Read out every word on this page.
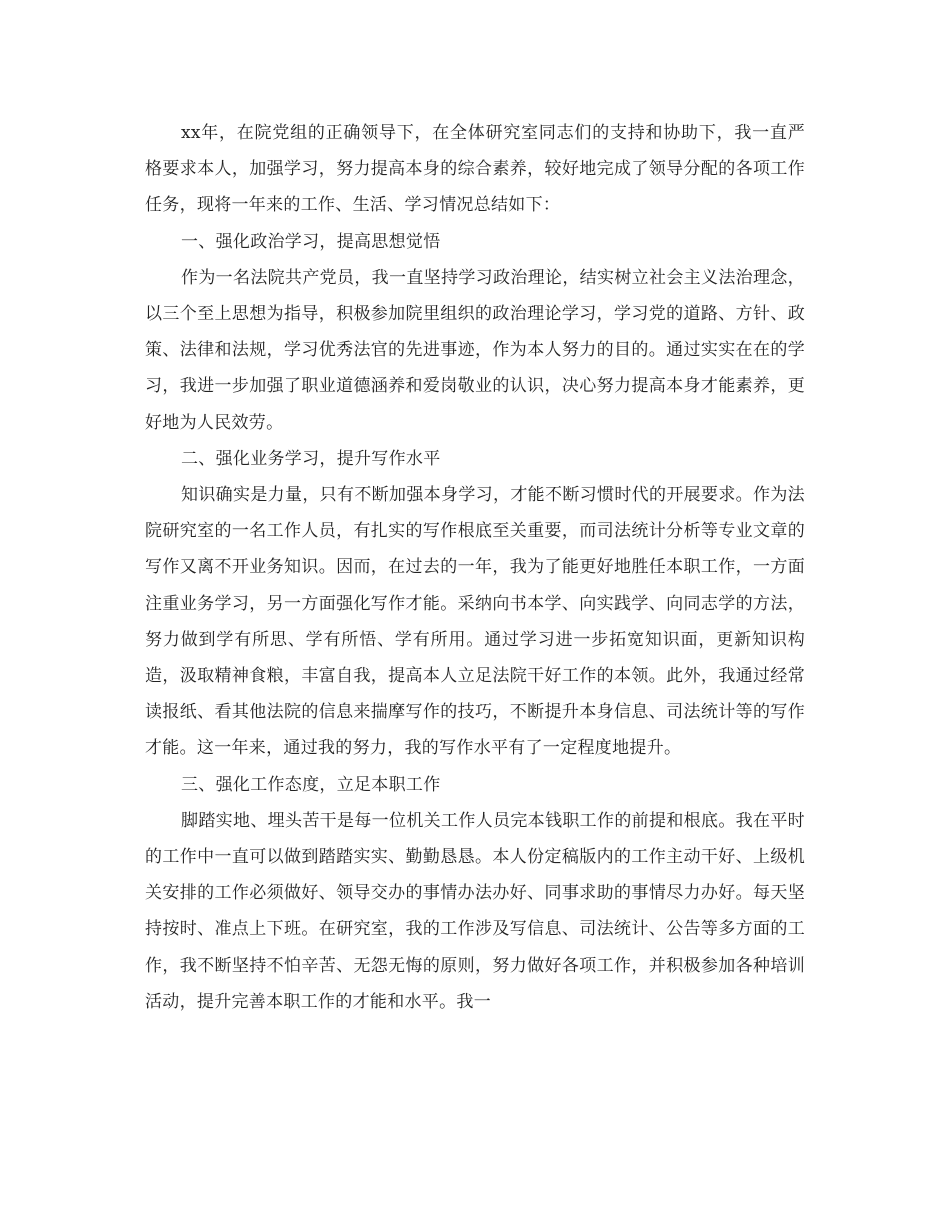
xx年，在院党组的正确领导下，在全体研究室同志们的支持和协助下，我一直严格要求本人，加强学习，努力提高本身的综合素养，较好地完成了领导分配的各项工作任务，现将一年来的工作、生活、学习情况总结如下：

一、强化政治学习，提高思想觉悟

作为一名法院共产党员，我一直坚持学习政治理论，结实树立社会主义法治理念，以三个至上思想为指导，积极参加院里组织的政治理论学习，学习党的道路、方针、政策、法律和法规，学习优秀法官的先进事迹，作为本人努力的目的。通过实实在在的学习，我进一步加强了职业道德涵养和爱岗敬业的认识，决心努力提高本身才能素养，更好地为人民效劳。

二、强化业务学习，提升写作水平

知识确实是力量，只有不断加强本身学习，才能不断习惯时代的开展要求。作为法院研究室的一名工作人员，有扎实的写作根底至关重要，而司法统计分析等专业文章的写作又离不开业务知识。因而，在过去的一年，我为了能更好地胜任本职工作，一方面注重业务学习，另一方面强化写作才能。采纳向书本学、向实践学、向同志学的方法，努力做到学有所思、学有所悟、学有所用。通过学习进一步拓宽知识面，更新知识构造，汲取精神食粮，丰富自我，提高本人立足法院干好工作的本领。此外，我通过经常读报纸、看其他法院的信息来揣摩写作的技巧，不断提升本身信息、司法统计等的写作才能。这一年来，通过我的努力，我的写作水平有了一定程度地提升。

三、强化工作态度，立足本职工作

脚踏实地、埋头苦干是每一位机关工作人员完本钱职工作的前提和根底。我在平时的工作中一直可以做到踏踏实实、勤勤恳恳。本人份定稿版内的工作主动干好、上级机关安排的工作必须做好、领导交办的事情办法办好、同事求助的事情尽力办好。每天坚持按时、准点上下班。在研究室，我的工作涉及写信息、司法统计、公告等多方面的工作，我不断坚持不怕辛苦、无怨无悔的原则，努力做好各项工作，并积极参加各种培训活动，提升完善本职工作的才能和水平。我一
